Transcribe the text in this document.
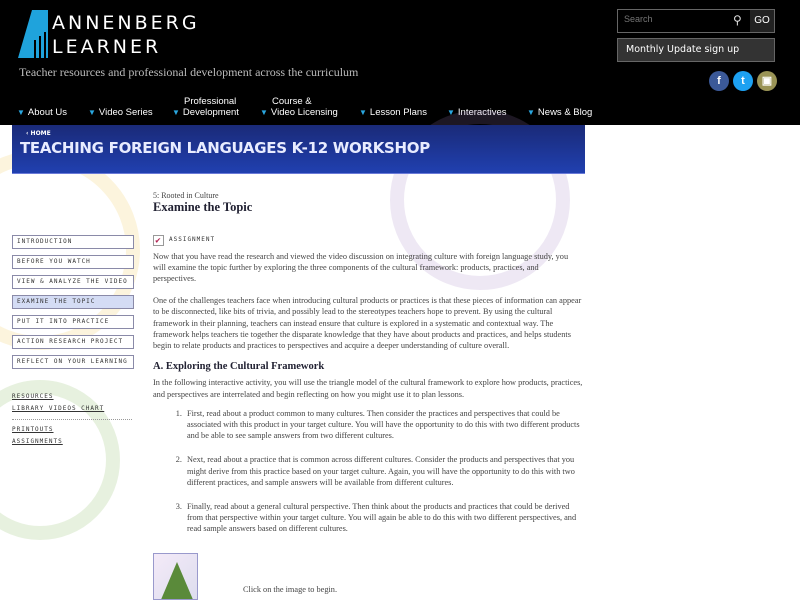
ANNENBERG
LEARNER
Teacher resources and professional development across the curriculum
▼ About Us	▼ Video Series
Professional
▼ Development
Course &
▼ Video Licensing	▼ Lesson Plans	▼ Interactives	▼ News & Blog
Search
⚲	GO
Monthly Update sign up
f	t	▣
‹ HOME
TEACHING FOREIGN LANGUAGES K-12 WORKSHOP
INTRODUCTION
BEFORE YOU WATCH
VIEW & ANALYZE THE VIDEO
EXAMINE THE TOPIC
PUT IT INTO PRACTICE
ACTION RESEARCH PROJECT
REFLECT ON YOUR LEARNING
RESOURCES
LIBRARY VIDEOS CHART
PRINTOUTS
ASSIGNMENTS
5: Rooted in Culture
Examine the Topic
✔	ASSIGNMENT

Now that you have read the research and viewed the video discussion on integrating culture with foreign language study, you will examine the topic further by exploring the three components of the cultural framework: products, practices, and perspectives.

One of the challenges teachers face when introducing cultural products or practices is that these pieces of information can appear to be disconnected, like bits of trivia, and possibly lead to the stereotypes teachers hope to prevent. By using the cultural framework in their planning, teachers can instead ensure that culture is explored in a systematic and contextual way. The framework helps teachers tie together the disparate knowledge that they have about products and practices, and helps students begin to relate products and practices to perspectives and acquire a deeper understanding of culture overall.

A. Exploring the Cultural Framework

In the following interactive activity, you will use the triangle model of the cultural framework to explore how products, practices, and perspectives are interrelated and begin reflecting on how you might use it to plan lessons.

1. First, read about a product common to many cultures. Then consider the practices and perspectives that could be associated with this product in your target culture. You will have the opportunity to do this with two different products and be able to see sample answers from two different cultures.
2. Next, read about a practice that is common across different cultures. Consider the products and perspectives that you might derive from this practice based on your target culture. Again, you will have the opportunity to do this with two different practices, and sample answers will be available from different cultures.
3. Finally, read about a general cultural perspective. Then think about the products and practices that could be derived from that perspective within your target culture. You will again be able to do this with two different perspectives, and read sample answers based on different cultures.
Click on the image to begin.
